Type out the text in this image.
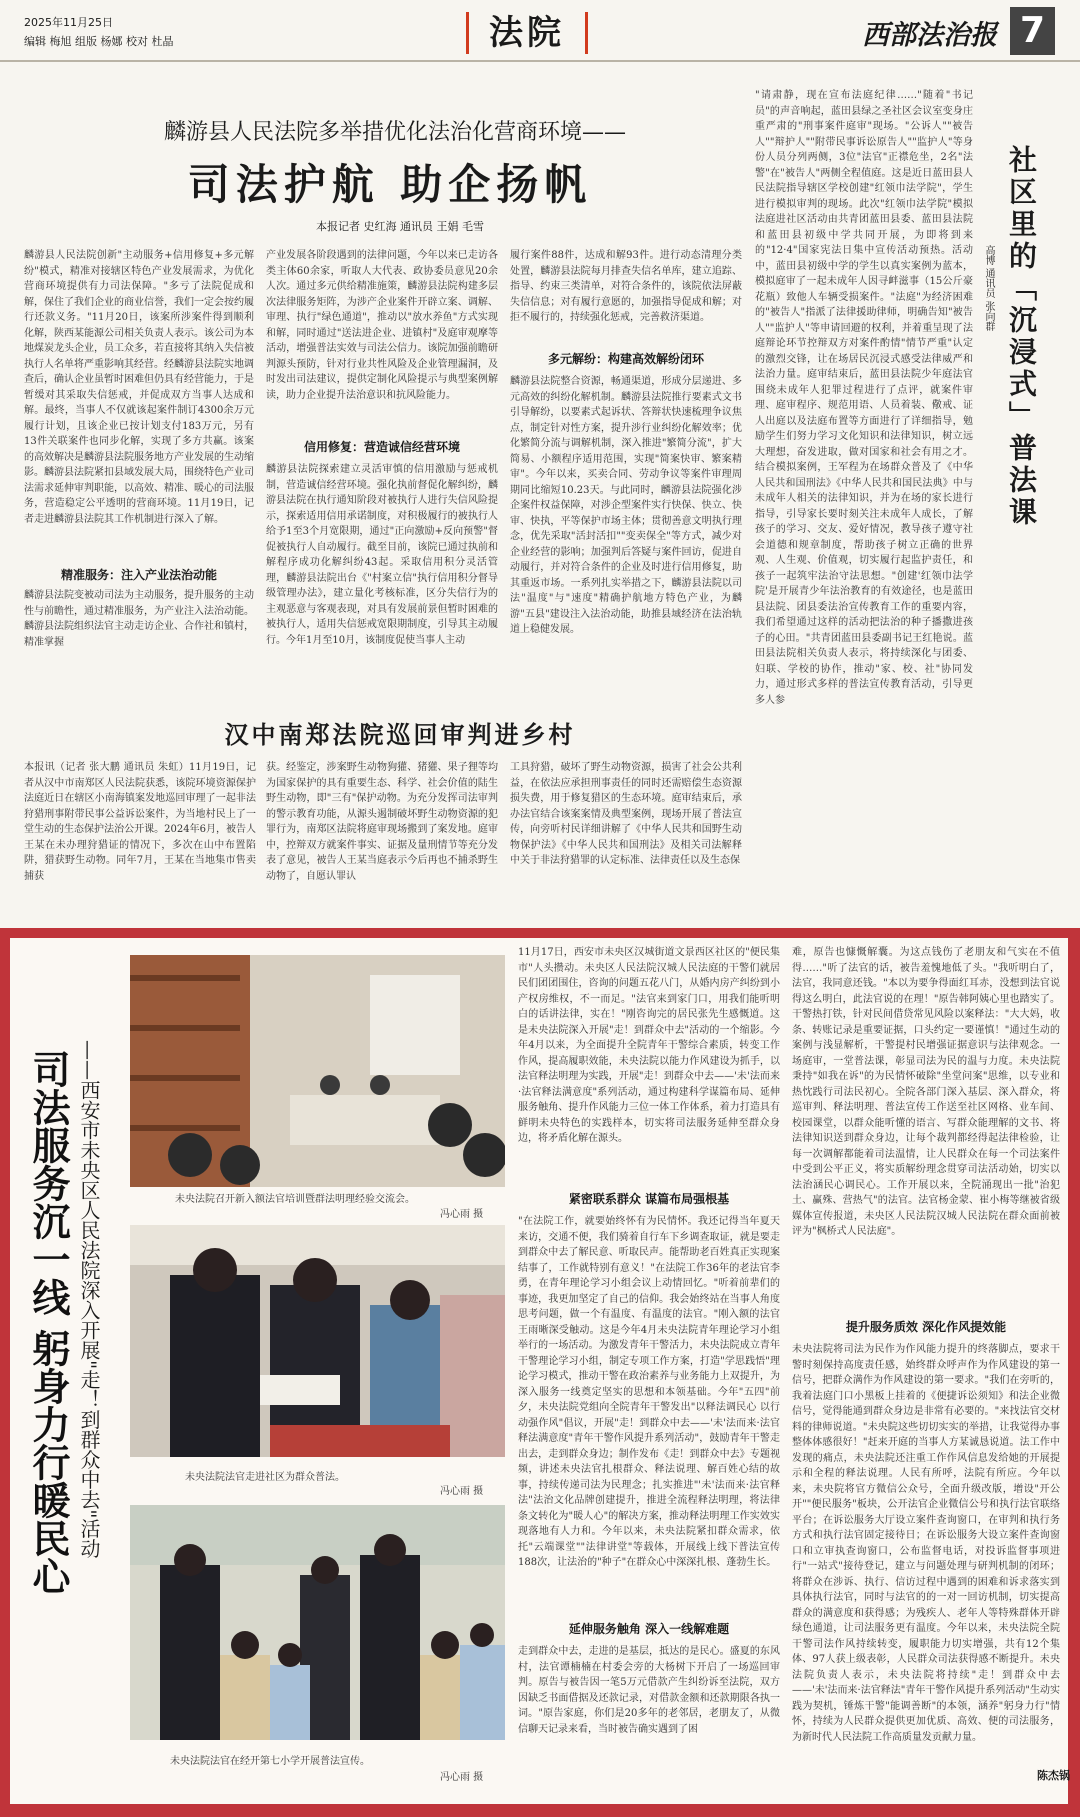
2025年11月25日
编辑 梅旭 组版 杨娜 校对 杜晶	法院	西部法治报 7
麟游县人民法院多举措优化法治化营商环境——
司法护航 助企扬帆
本报记者 史红海 通讯员 王娟 毛雪
麟游县人民法院创新"主动服务+信用修复+多元解纷"模式，精准对接辖区特色产业发展需求，为优化营商环境提供有力司法保障。"多亏了法院促成和解，保住了我们企业的商业信誉，我们一定会按约履行还款义务。"11月20日，该案所涉案件得到顺利化解，陕西某能源公司相关负责人表示。该公司为本地煤炭龙头企业，员工众多，若直接将其纳入失信被执行人名单将严重影响其经营。经麟游县法院实地调查后，确认企业虽暂时困难但仍具有经营能力，于是暂缓对其采取失信惩戒，并促成双方当事人达成和解。最终，当事人不仅就该起案件制订4300余万元履行计划，且该企业已按计划支付183万元，另有13件关联案件也同步化解，实现了多方共赢。该案的高效解决是麟游县法院服务地方产业发展的生动缩影。麟游县法院紧扣县域发展大局，围绕特色产业司法需求延伸审判职能，以高效、精准、暖心的司法服务，营造稳定公平透明的营商环境。11月19日，记者走进麟游县法院其工作机制进行深入了解。
精准服务：注入产业法治动能
麟游县法院变被动司法为主动服务，提升服务的主动性与前瞻性，通过精准服务，为产业注入法治动能。麟游县法院组织法官主动走访企业、合作社和镇村，精准掌握
产业发展各阶段遇到的法律问题，今年以来已走访各类主体60余家，听取人大代表、政协委员意见20余人次。通过多元供给精准施策，麟游县法院构建多层次法律服务矩阵，为涉产企业案件开辟立案、调解、审理、执行"绿色通道"，推动以"放水养鱼"方式实现和解，同时通过"送法进企业、进镇村"及庭审观摩等活动，增强普法实效与司法公信力。该院加强前瞻研判源头预防，针对行业共性风险及企业管理漏洞，及时发出司法建议，提供定制化风险提示与典型案例解读，助力企业提升法治意识和抗风险能力。
信用修复：营造诚信经营环境
麟游县法院探索建立灵活审慎的信用激励与惩戒机制，营造诚信经营环境。强化执前督促化解纠纷，麟游县法院在执行通知阶段对被执行人进行失信风险提示，探索适用信用承诺制度，对积极履行的被执行人给予1至3个月宽限期，通过"正向激励+反向预警"督促被执行人自动履行。截至目前，该院已通过执前和解程序成功化解纠纷43起。采取信用积分灵活管理，麟游县法院出台《"村案立信"执行信用积分督导级管理办法》，建立量化考核标准，区分失信行为的主观恶意与客观表现，对具有发展前景但暂时困难的被执行人，适用失信惩戒宽限期制度，引导其主动履行。今年1月至10月，该制度促使当事人主动
履行案件88件，达成和解93件。进行动态清理分类处置，麟游县法院每月排查失信名单库，建立追踪、指导、约束三类清单，对符合条件的，该院依法屏蔽失信信息；对有履行意愿的，加强指导促成和解；对拒不履行的，持续强化惩戒，完善救济渠道。
多元解纷：构建高效解纷闭环
麟游县法院整合资源，畅通渠道，形成分层递进、多元高效的纠纷化解机制。麟游县法院推行要素式文书引导解纷，以要素式起诉状、答辩状快速梳理争议焦点，制定针对性方案，提升涉行业纠纷化解效率；优化繁简分流与调解机制，深入推进"繁简分流"，扩大简易、小额程序适用范围，实现"简案快审、繁案精审"。今年以来，买卖合同、劳动争议等案件审理周期同比缩短10.23天。与此同时，麟游县法院强化涉企案件权益保障，对涉企型案件实行快保、快立、快审、快执，平等保护市场主体；贯彻善意文明执行理念，优先采取"活封活扣""变卖保全"等方式，减少对企业经营的影响；加强判后答疑与案件回访，促进自动履行，并对符合条件的企业及时进行信用修复，助其重返市场。一系列扎实举措之下，麟游县法院以司法"温度"与"速度"精确护航地方特色产业，为麟游"五县"建设注入法治动能，助推县域经济在法治轨道上稳健发展。
"请肃静，现在宣布法庭纪律……"随着"书记员"的声音响起，蓝田县绿之圣社区会议室变身庄重严肃的"刑事案件庭审"现场。"公诉人""被告人""辩护人""附带民事诉讼原告人""监护人"等身份人员分列两侧，3位"法官"正襟危坐，2名"法警"在"被告人"两侧全程值庭。这是近日蓝田县人民法院指导辖区学校创建"红领巾法学院"，学生进行模拟审判的现场。此次"红领巾法学院"模拟法庭进社区活动由共青团蓝田县委、蓝田县法院和蓝田县初级中学共同开展，为即将到来的"12·4"国家宪法日集中宣传活动预热。活动中，蓝田县初级中学的学生以真实案例为蓝本，模拟庭审了一起未成年人因寻衅滋事（15公斤豪花瓶）致他人车辆受损案件。"法庭"为经济困难的"被告人"指派了法律援助律师，明确告知"被告人""监护人"等申请回避的权利，并着重呈现了法庭辩论环节控辩双方对案件酌情"情节严重"认定的激烈交锋，让在场居民沉浸式感受法律威严和法治力量。庭审结束后，蓝田县法院少年庭法官围绕未成年人犯罪过程进行了点评，就案件审理、庭审程序、规范用语、人员着装、儆戒、证人出庭以及法庭布置等方面进行了详细指导，勉励学生们努力学习文化知识和法律知识，树立远大理想，奋发进取，做对国家和社会有用之才。结合模拟案例，王军程为在场群众普及了《中华人民共和国刑法》《中华人民共和国民法典》中与未成年人相关的法律知识，并为在场的家长进行指导，引导家长要时刻关注未成年人成长，了解孩子的学习、交友、爱好情况，教导孩子遵守社会道德和规章制度，帮助孩子树立正确的世界观、人生观、价值观，切实履行起监护责任，和孩子一起筑牢法治守法思想。"创建'红领巾法学院'是开展青少年法治教育的有效途径，也是蓝田县法院、团县委法治宣传教育工作的重要内容，我们希望通过这样的活动把法治的种子播撒进孩子的心田。"共青团蓝田县委副书记王红艳说。蓝田县法院相关负责人表示，将持续深化与团委、妇联、学校的协作，推动"家、校、社"协同发力，通过形式多样的普法宣传教育活动，引导更多人参
社区里的「沉浸式」普法课
高博 通讯员 张向群
汉中南郑法院巡回审判进乡村
本报讯（记者 张大鹏 通讯员 朱虹）11月19日，记者从汉中市南郑区人民法院获悉，该院环境资源保护法庭近日在辖区小南海镇案发地巡回审理了一起非法狩猎刑事附带民事公益诉讼案件，为当地村民上了一堂生动的生态保护法治公开课。2024年6月，被告人王某在未办理狩猎证的情况下，多次在山中布置陷阱，猎获野生动物。同年7月，王某在当地集市售卖捕获
获。经鉴定，涉案野生动物狗獾、猪獾、果子狸等均为国家保护的具有重要生态、科学、社会价值的陆生野生动物，即"三有"保护动物。为充分发挥司法审判的警示教育功能，从源头遏制破坏野生动物资源的犯罪行为，南郑区法院将庭审现场搬到了案发地。庭审中，控辩双方就案件事实、证据及量刑情节等充分发表了意见，被告人王某当庭表示今后再也不捕杀野生动物了，自愿认罪认
工具狩猎，破坏了野生动物资源，损害了社会公共利益，在依法应承担刑事责任的同时还需赔偿生态资源损失费，用于修复猎区的生态环境。庭审结束后，承办法官结合该案案情及典型案例，现场开展了普法宣传，向旁听村民详细讲解了《中华人民共和国野生动物保护法》《中华人民共和国刑法》及相关司法解释中关于非法狩猎罪的认定标准、法律责任以及生态保
司法服务沉一线 躬身力行暖民心 ——西安市未央区人民法院深入开展"走！到群众中去"活动	未央法院召开新入额法官培训暨群法明理经验交流会。
冯心雨 摄
未央法院法官走进社区为群众普法。
冯心雨 摄
未央法院法官在经开第七小学开展普法宣传。
冯心雨 摄
11月17日，西安市未央区汉城街道文景西区社区的"便民集市"人头攒动。未央区人民法院汉城人民法庭的干警们就居民们团团围住，咨询的问题五花八门，从婚内房产纠纷到小产权房维权，不一而足。"法官来到家门口，用我们能听明白的话讲法律，实在！"刚咨询完的居民张先生感慨道。这是未央法院深入开展"走！到群众中去"活动的一个缩影。今年4月以来，为全面提升全院青年干警综合素质，转变工作作风，提高履职效能，未央法院以能力作风建设为抓手，以法官释法明理为实践，开展"走！到群众中去——'未'法而来·法官释法满意度"系列活动，通过构建科学谋篇布局、延伸服务触角、提升作风能力三位一体工作体系，着力打造具有鲜明未央特色的实践样本，切实将司法服务延伸至群众身边，将矛盾化解在源头。
紧密联系群众 谋篇布局强根基
"在法院工作，就要始终怀有为民情怀。我还记得当年夏天来访，交通不便，我们骑着自行车下乡调查取证，就是要走到群众中去了解民意、听取民声。能帮助老百姓真正实现案结事了，工作就特别有意义！"在法院工作36年的老法官李勇，在青年理论学习小组会议上动情回忆。"听着前辈们的事迹，我更加坚定了自己的信仰。我会始终站在当事人角度思考问题，做一个有温度、有温度的法官。"刚入额的法官王雨晰深受触动。这是今年4月未央法院青年理论学习小组举行的一场活动。为激发青年干警活力，未央法院成立青年干警理论学习小组，制定专项工作方案，打造"学思践悟"理论学习模式，推动干警在政治素养与业务能力上双提升，为深入服务一线奠定坚实的思想和本领基础。今年"五四"前夕，未央法院党组向全院青年干警发出"以释法调民心 以行动强作风"倡议，开展"走！到群众中去——'未'法而来·法官释法满意度"青年干警作风提升系列活动"，鼓励青年干警走出去，走到群众身边；制作发布《走！到群众中去》专题视频，讲述未央法官扎根群众、释法说理、解百姓心结的故事，持续传递司法为民理念；扎实推进"'未'法而来·法官释法"法治文化品牌创建提升，推进全流程释法明理，将法律条文转化为"暖人心"的解决方案，推动释法明理工作实效实现落地有人力和。今年以来，未央法院紧扣群众需求，依托"云端课堂""法律讲堂"等载体，开展线上线下普法宣传188次，让法治的"种子"在群众心中深深扎根、蓬勃生长。
延伸服务触角 深入一线解难题
走到群众中去，走进的是基层，抵达的是民心。盛夏的东风村，法官谭楠楠在村委会旁的大杨树下开启了一场巡回审判。原告与被告因一笔5万元借款产生纠纷诉至法院，双方因缺乏书面借据及还款记录，对借款金额和还款期限各执一词。"原告家庭，你们是20多年的老邻居，老朋友了，从微信聊天记录来看，当时被告确实遇到了困
难，原告也慷慨解囊。为这点钱伤了老朋友和气实在不值得……"听了法官的话，被告羞愧地低了头。"我听明白了，法官，我同意还钱。"本以为要争得面红耳赤，没想到法官说得这么明白，此法官说的在理！"原告韩阿姨心里也踏实了。干警热打铁，针对民间借贷常见风险以案释法："大大妈，收条、转账记录是重要证据，口头约定一要谨慎！"通过生动的案例与浅显解析，干警提村民增强证据意识与法律观念。一场庭审，一堂普法课，彰显司法为民的温与力度。未央法院秉持"如我在诉"的为民情怀破除"坐堂问案"思维，以专业和热忱践行司法民初心。全院各部门深入基层、深入群众，将巡审判、释法明理、普法宣传工作送至社区网格、业车间、校园课堂，以群众能听懂的语言、写群众能理解的文书、将法律知识送到群众身边，让每个裁判都经得起法律检验，让每一次调解都能着司法温情，让人民群众在每一个司法案件中受到公平正义，将实质解纷理念贯穿司法活动始，切实以法治涵民心调民心。工作开展以来，全院涌现出一批"治犯土、赢殊、营热气"的法官。法官杨金蒙、崔小梅等继被省级媒体宣传报道，未央区人民法院汉城人民法院在群众面前被评为"枫桥式人民法庭"。
提升服务质效 深化作风提效能
未央法院将司法为民作为作风能力提升的终落脚点，要求干警时刻保持高度责任感，始终群众呼声作为作风建设的第一信号，把群众满作为作风建设的第一要求。"我们在旁听的，我着法庭门口小黑板上挂着的《便捷诉讼须知》和法企业微信号，觉得能通到群众身边是非常有必要的。"来找法官交材料的律师说道。"未央院这些切切实实的举措，让我觉得办事整体体感很好！"赶来开庭的当事人方某诚恳说道。法工作中发现的痛点，未央法院还注重工作作风信息发给她的开展提示和全程的释法说理。人民有所呼，法院有所应。今年以来，未央院将官方微信公众号，全面升级改版，增设"开公开""便民服务"板块，公开法官企业微信公号和执行法官联络平台；在诉讼服务大厅设立案件查询窗口，在审判和执行务方式和执行法官固定接待日；在诉讼服务大设立案件查询窗口和立审执查询窗口，公布监督电话，对投诉监督事项进行"一站式"接待登记，建立与问题处理与研判机制的闭环；将群众在涉诉、执行、信访过程中遇到的困难和诉求落实到具体执行法官，同时与法官的的一对一回访机制，切实提高群众的满意度和获得感；为残疾人、老年人等特殊群体开辟绿色通道，让司法服务更有温度。今年以来，未央法院全院干警司法作风持续转变，履职能力切实增强，共有12个集体、97人获上级表彰，人民群众司法获得感不断提升。未央法院负责人表示，未央法院将持续"走！到群众中去——'未'法而来·法官释法"青年干警作风提升系列活动"生动实践为契机，锤炼干警"能调善断"的本领，涵养"躬身力行"情怀，持续为人民群众提供更加优质、高效、便的司法服务，为新时代人民法院工作高质量发贡献力量。
陈杰锅
